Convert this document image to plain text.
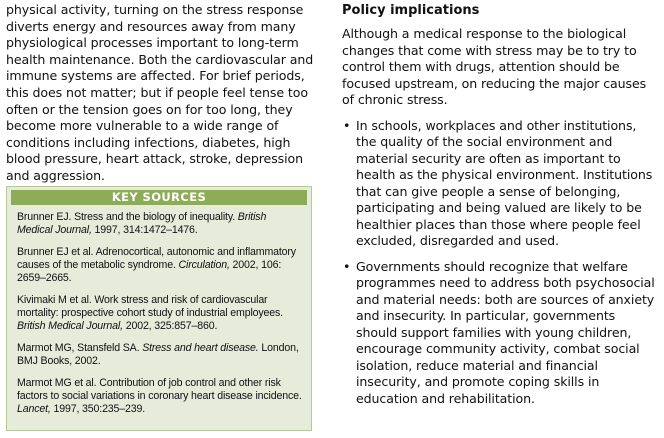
physical activity, turning on the stress response diverts energy and resources away from many physiological processes important to long-term health maintenance. Both the cardiovascular and immune systems are affected. For brief periods, this does not matter; but if people feel tense too often or the tension goes on for too long, they become more vulnerable to a wide range of conditions including infections, diabetes, high blood pressure, heart attack, stroke, depression and aggression.

KEY SOURCES
Brunner EJ. Stress and the biology of inequality. British Medical Journal, 1997, 314:1472–1476.
Brunner EJ et al. Adrenocortical, autonomic and inflammatory causes of the metabolic syndrome. Circulation, 2002, 106: 2659–2665.
Kivimaki M et al. Work stress and risk of cardiovascular mortality: prospective cohort study of industrial employees. British Medical Journal, 2002, 325:857–860.
Marmot MG, Stansfeld SA. Stress and heart disease. London, BMJ Books, 2002.
Marmot MG et al. Contribution of job control and other risk factors to social variations in coronary heart disease incidence. Lancet, 1997, 350:235–239.
Policy implications

Although a medical response to the biological changes that come with stress may be to try to control them with drugs, attention should be focused upstream, on reducing the major causes of chronic stress.

• In schools, workplaces and other institutions, the quality of the social environment and material security are often as important to health as the physical environment. Institutions that can give people a sense of belonging, participating and being valued are likely to be healthier places than those where people feel excluded, disregarded and used.
• Governments should recognize that welfare programmes need to address both psychosocial and material needs: both are sources of anxiety and insecurity. In particular, governments should support families with young children, encourage community activity, combat social isolation, reduce material and financial insecurity, and promote coping skills in education and rehabilitation.
